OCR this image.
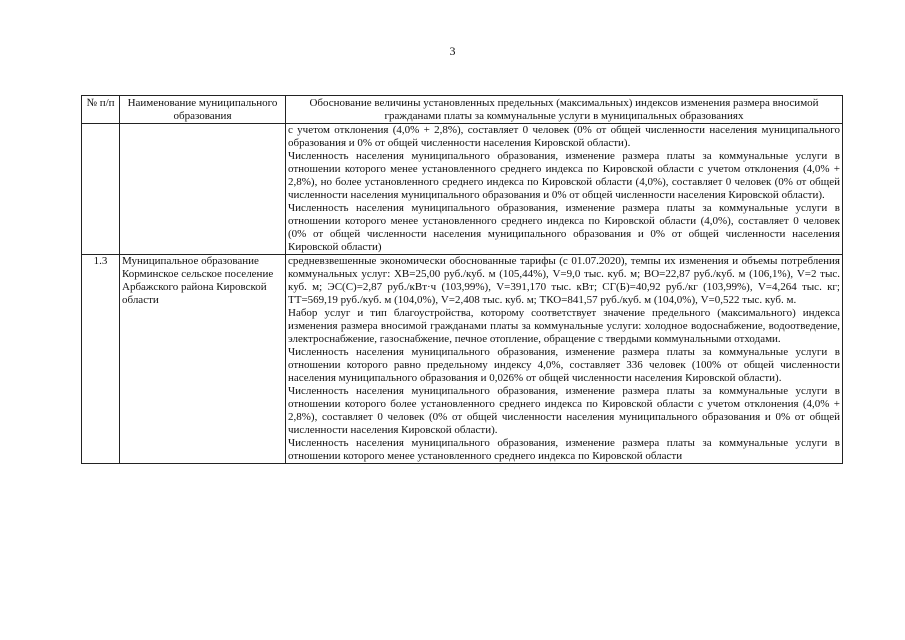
3
№ п/п	Наименование муниципального образования	Обоснование величины установленных предельных (максимальных) индексов изменения размера вносимой гражданами платы за коммунальные услуги в муниципальных образованиях

		с учетом отклонения (4,0% + 2,8%), составляет 0 человек (0% от общей численности населения муниципального образования и 0% от общей численности населения Кировской области).
Численность населения муниципального образования, изменение размера платы за коммунальные услуги в отношении которого менее установленного среднего индекса по Кировской области с учетом отклонения (4,0% + 2,8%), но более установленного среднего индекса по Кировской области (4,0%), составляет 0 человек (0% от общей численности населения муниципального образования и 0% от общей численности населения Кировской области).
Численность населения муниципального образования, изменение размера платы за коммунальные услуги в отношении которого менее установленного среднего индекса по Кировской области (4,0%), составляет 0 человек (0% от общей численности населения муниципального образования и 0% от общей численности населения Кировской области)

1.3	Муниципальное образование Корминское сельское поселение Арбажского района Кировской области	средневзвешенные экономически обоснованные тарифы (с 01.07.2020), темпы их изменения и объемы потребления коммунальных услуг: ХВ=25,00 руб./куб. м (105,44%), V=9,0 тыс. куб. м; ВО=22,87 руб./куб. м (106,1%), V=2 тыс. куб. м; ЭС(С)=2,87 руб./кВт·ч (103,99%), V=391,170 тыс. кВт; СГ(Б)=40,92 руб./кг (103,99%), V=4,264 тыс. кг; ТТ=569,19 руб./куб. м (104,0%), V=2,408 тыс. куб. м; ТКО=841,57 руб./куб. м (104,0%), V=0,522 тыс. куб. м.
Набор услуг и тип благоустройства, которому соответствует значение предельного (максимального) индекса изменения размера вносимой гражданами платы за коммунальные услуги: холодное водоснабжение, водоотведение, электроснабжение, газоснабжение, печное отопление, обращение с твердыми коммунальными отходами.
Численность населения муниципального образования, изменение размера платы за коммунальные услуги в отношении которого равно предельному индексу 4,0%, составляет 336 человек (100% от общей численности населения муниципального образования и 0,026% от общей численности населения Кировской области).
Численность населения муниципального образования, изменение размера платы за коммунальные услуги в отношении которого более установленного среднего индекса по Кировской области с учетом отклонения (4,0% + 2,8%), составляет 0 человек (0% от общей численности населения муниципального образования и 0% от общей численности населения Кировской области).
Численность населения муниципального образования, изменение размера платы за коммунальные услуги в отношении которого менее установленного среднего индекса по Кировской области
